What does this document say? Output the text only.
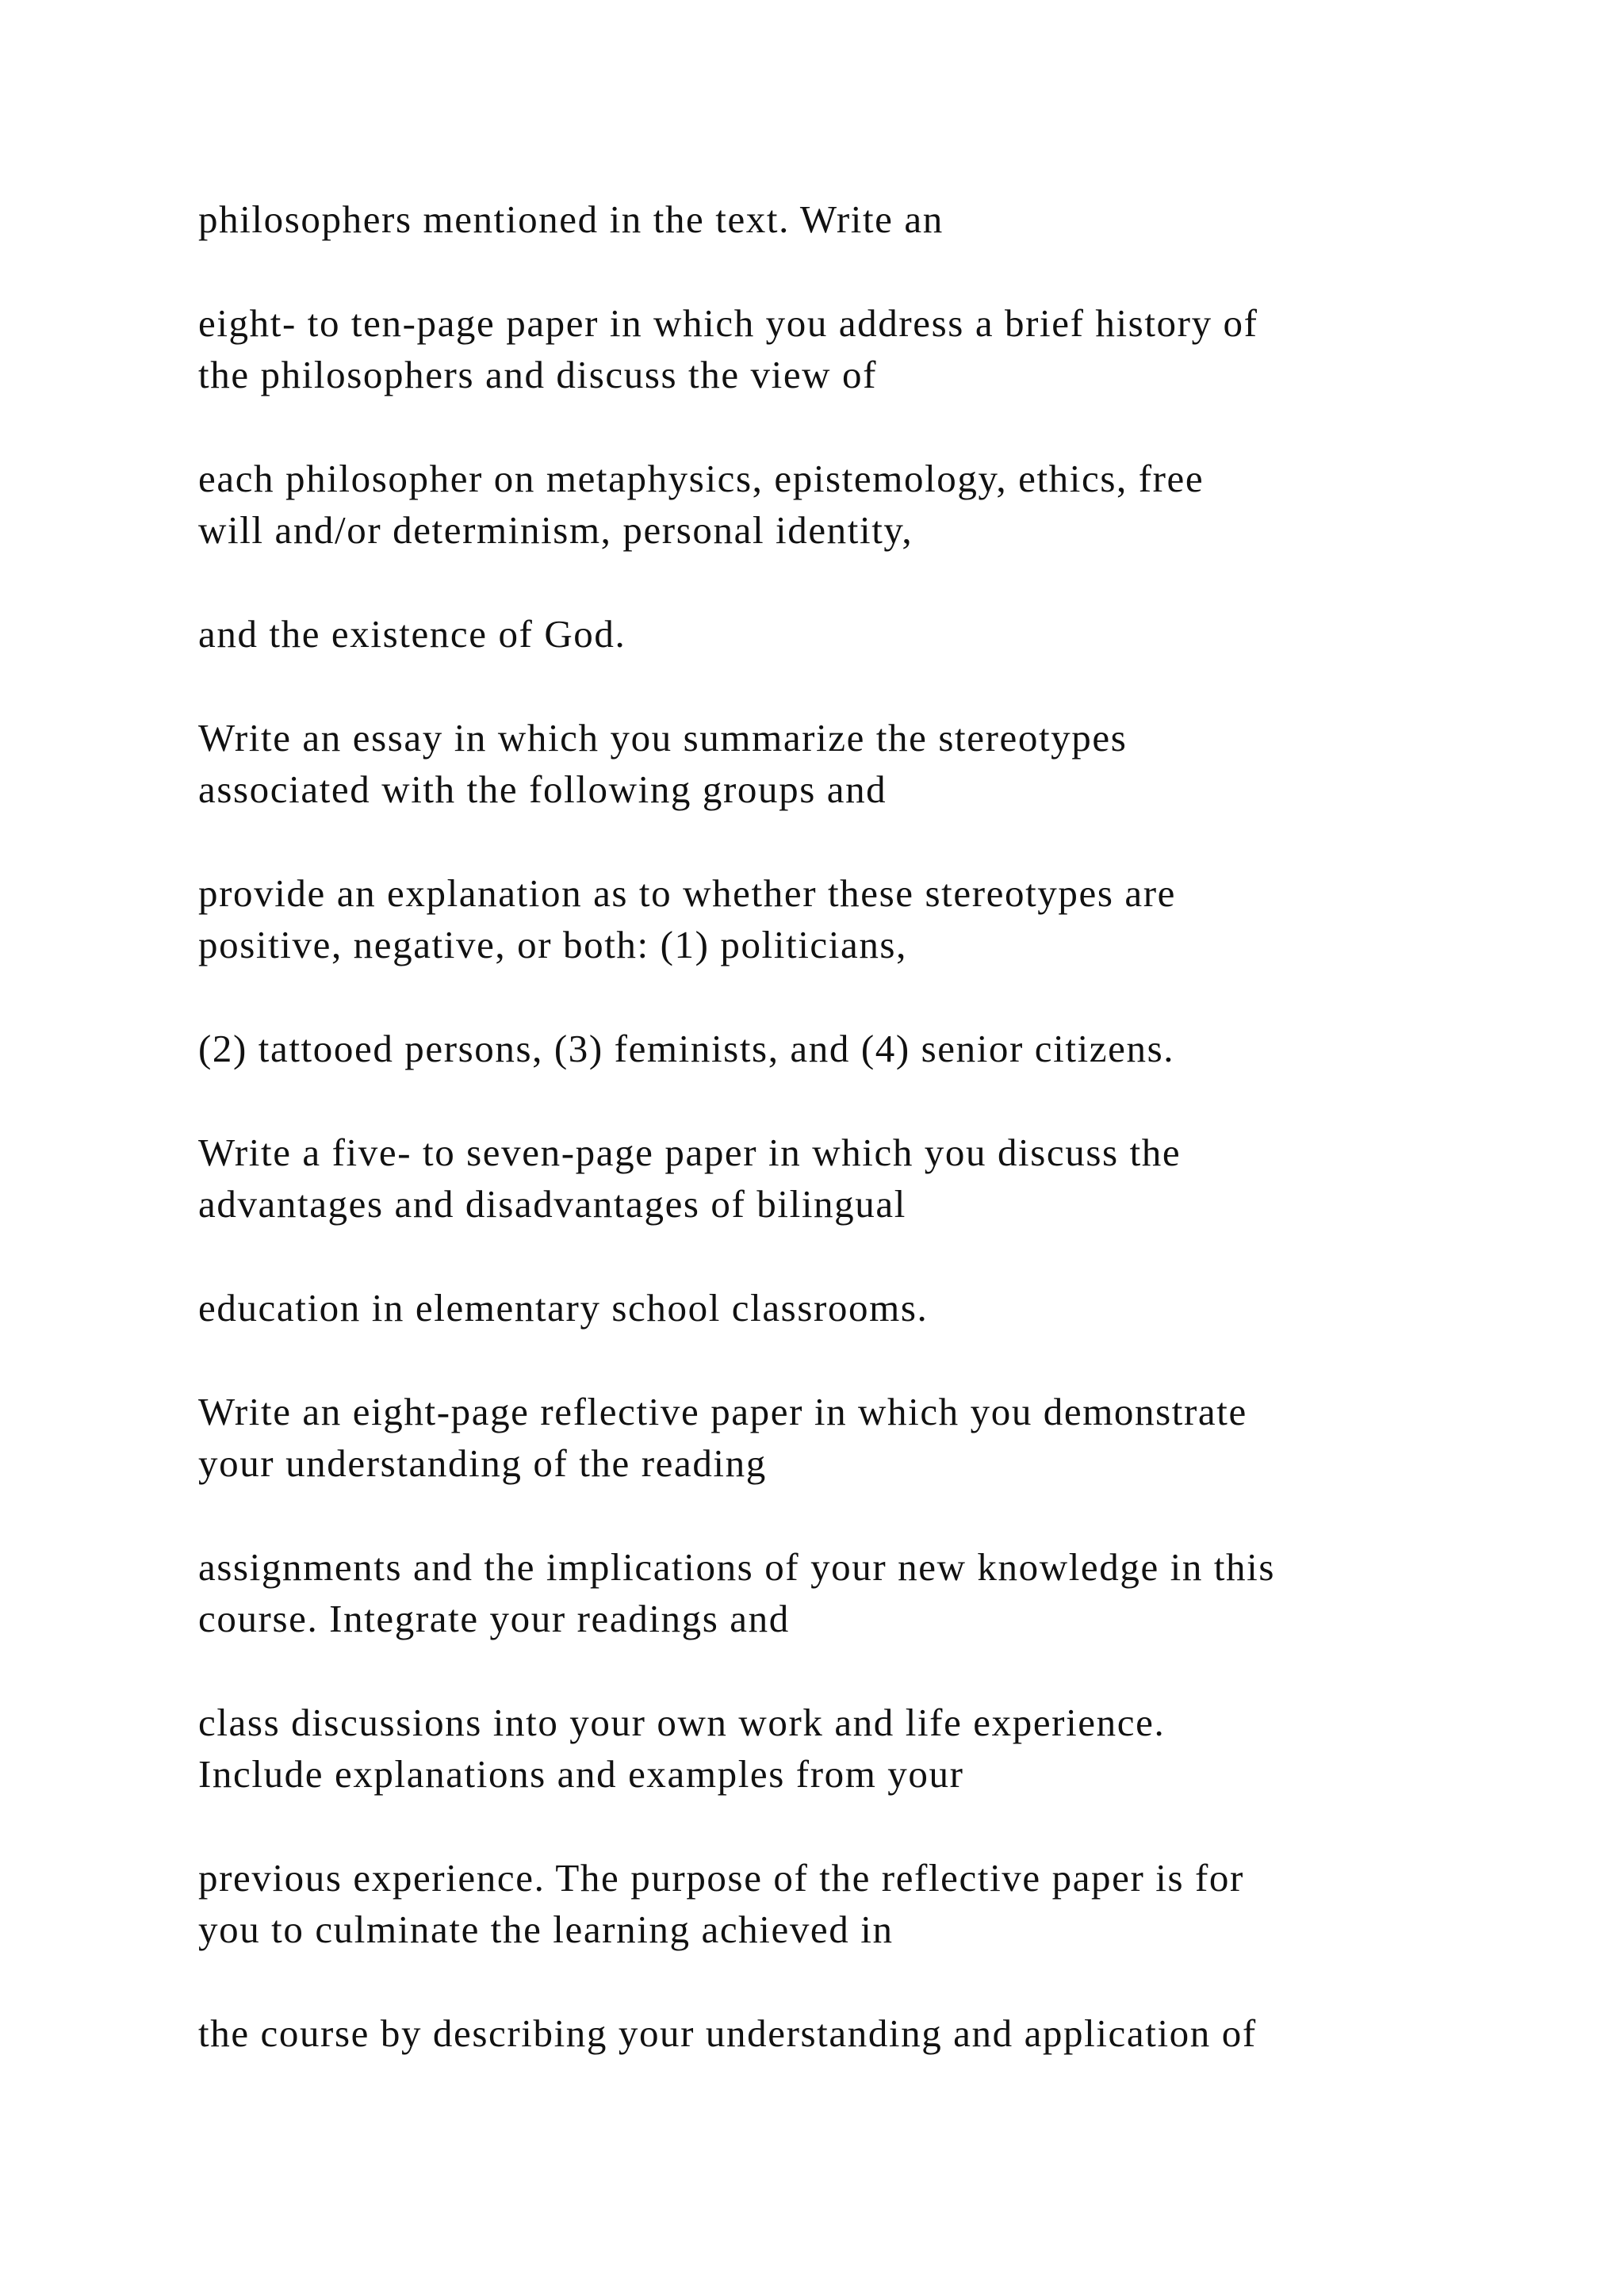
philosophers mentioned in the text. Write an

eight- to ten-page paper in which you address a brief history of
the philosophers and discuss the view of

each philosopher on metaphysics, epistemology, ethics, free
will and/or determinism, personal identity,

and the existence of God.

Write an essay in which you summarize the stereotypes
associated with the following groups and

provide an explanation as to whether these stereotypes are
positive, negative, or both: (1) politicians,

(2) tattooed persons, (3) feminists, and (4) senior citizens.

Write a five- to seven-page paper in which you discuss the
advantages and disadvantages of bilingual

education in elementary school classrooms.

Write an eight-page reflective paper in which you demonstrate
your understanding of the reading

assignments and the implications of your new knowledge in this
course. Integrate your readings and

class discussions into your own work and life experience.
Include explanations and examples from your

previous experience. The purpose of the reflective paper is for
you to culminate the learning achieved in

the course by describing your understanding and application of
